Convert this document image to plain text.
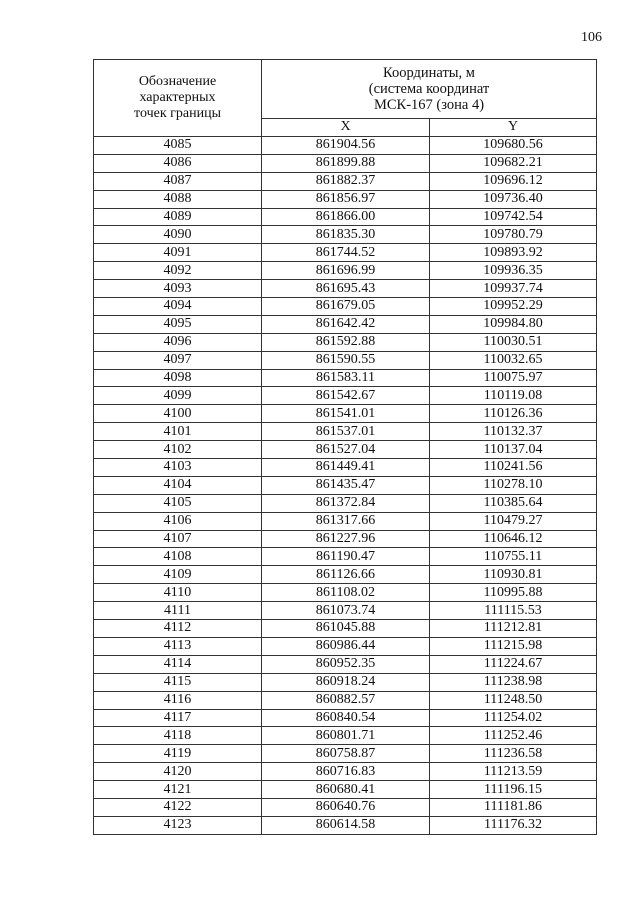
106
Обозначение
характерных
точек границы	Координаты, м
(система координат
МСК-167 (зона 4)	
	X	Y
4085	861904.56	109680.56
4086	861899.88	109682.21
4087	861882.37	109696.12
4088	861856.97	109736.40
4089	861866.00	109742.54
4090	861835.30	109780.79
4091	861744.52	109893.92
4092	861696.99	109936.35
4093	861695.43	109937.74
4094	861679.05	109952.29
4095	861642.42	109984.80
4096	861592.88	110030.51
4097	861590.55	110032.65
4098	861583.11	110075.97
4099	861542.67	110119.08
4100	861541.01	110126.36
4101	861537.01	110132.37
4102	861527.04	110137.04
4103	861449.41	110241.56
4104	861435.47	110278.10
4105	861372.84	110385.64
4106	861317.66	110479.27
4107	861227.96	110646.12
4108	861190.47	110755.11
4109	861126.66	110930.81
4110	861108.02	110995.88
4111	861073.74	111115.53
4112	861045.88	111212.81
4113	860986.44	111215.98
4114	860952.35	111224.67
4115	860918.24	111238.98
4116	860882.57	111248.50
4117	860840.54	111254.02
4118	860801.71	111252.46
4119	860758.87	111236.58
4120	860716.83	111213.59
4121	860680.41	111196.15
4122	860640.76	111181.86
4123	860614.58	111176.32
